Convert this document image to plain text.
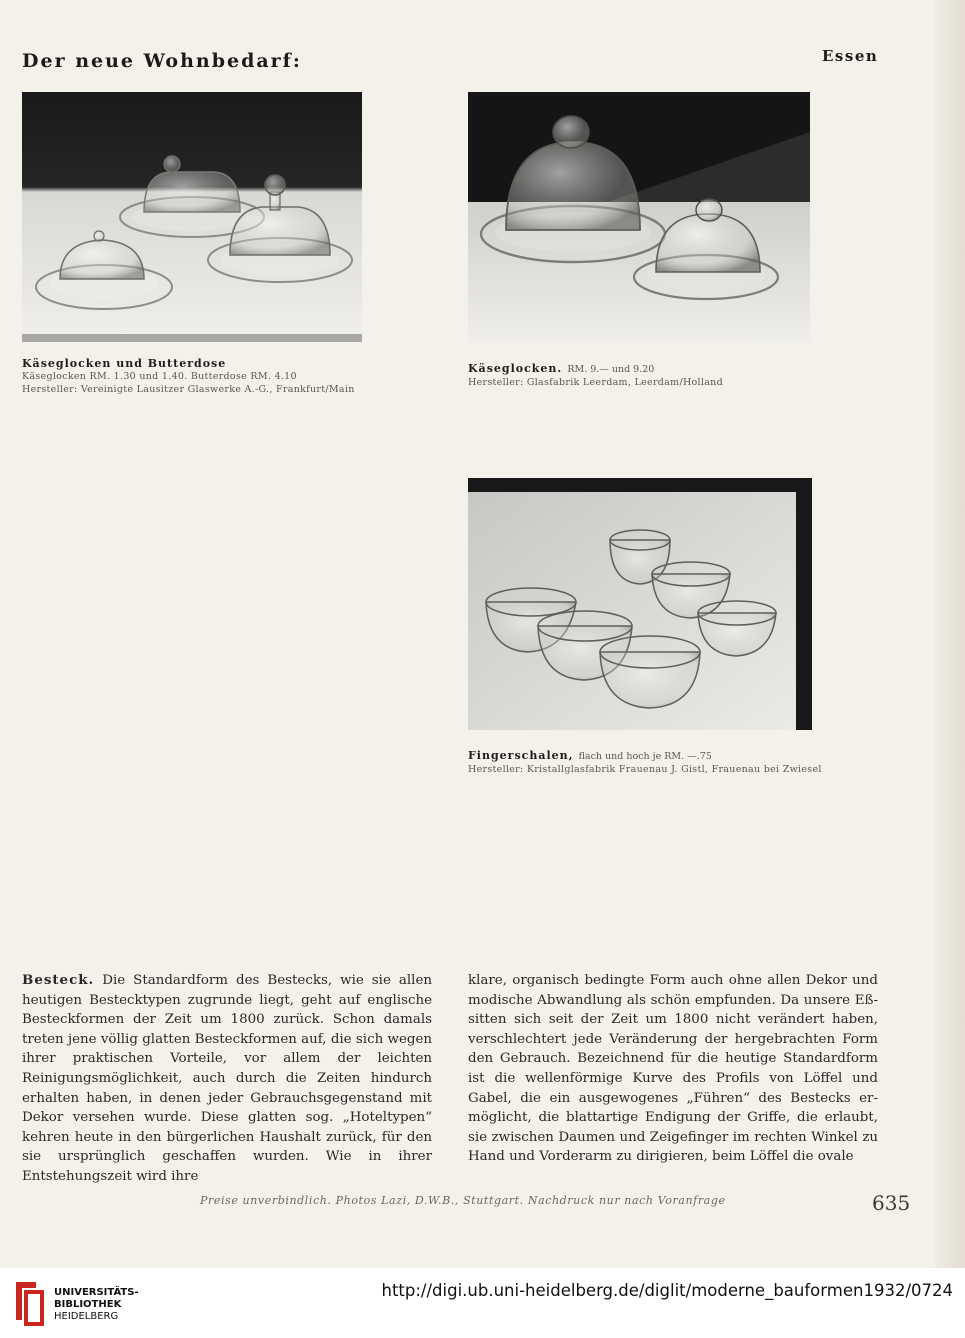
Der neue Wohnbedarf:	Essen
Käseglocken und Butterdose
Käseglocken RM. 1.30 und 1.40. Butterdose RM. 4.10
Hersteller: Vereinigte Lausitzer Glaswerke A.-G., Frankfurt/Main
Käseglocken. RM. 9.— und 9.20
Hersteller: Glasfabrik Leerdam, Leerdam/Holland
Fingerschalen, flach und hoch je RM. —.75
Hersteller: Kristallglasfabrik Frauenau J. Gistl, Frauenau bei Zwiesel

Besteck. Die Standardform des Bestecks, wie sie allen heutigen Bestecktypen zugrunde liegt, geht auf englische Besteckformen der Zeit um 1800 zurück. Schon damals treten jene völlig glatten Besteckformen auf, die sich wegen ihrer praktischen Vorteile, vor allem der leichten Reinigungsmöglichkeit, auch durch die Zeiten hindurch erhalten haben, in denen jeder Gebrauchsgegenstand mit Dekor versehen wurde. Diese glatten sog. „Hoteltypen“ kehren heute in den bürgerlichen Haushalt zurück, für den sie ursprünglich geschaffen wurden. Wie in ihrer Entstehungszeit wird ihre

klare, organisch bedingte Form auch ohne allen Dekor und modische Abwandlung als schön empfunden. Da unsere Eßsitten sich seit der Zeit um 1800 nicht verändert haben, verschlechtert jede Veränderung der hergebrachten Form den Gebrauch. Bezeichnend für die heutige Standardform ist die wellenförmige Kurve des Profils von Löffel und Gabel, die ein ausgewogenes „Führen“ des Bestecks ermöglicht, die blattartige Endigung der Griffe, die erlaubt, sie zwischen Daumen und Zeigefinger im rechten Winkel zu Hand und Vorderarm zu dirigieren, beim Löffel die ovale

Preise unverbindlich. Photos Lazi, D.W.B., Stuttgart. Nachdruck nur nach Voranfrage	635
UNIVERSITÄTS-
BIBLIOTHEK
HEIDELBERG
http://digi.ub.uni-heidelberg.de/diglit/moderne_bauformen1932/0724
